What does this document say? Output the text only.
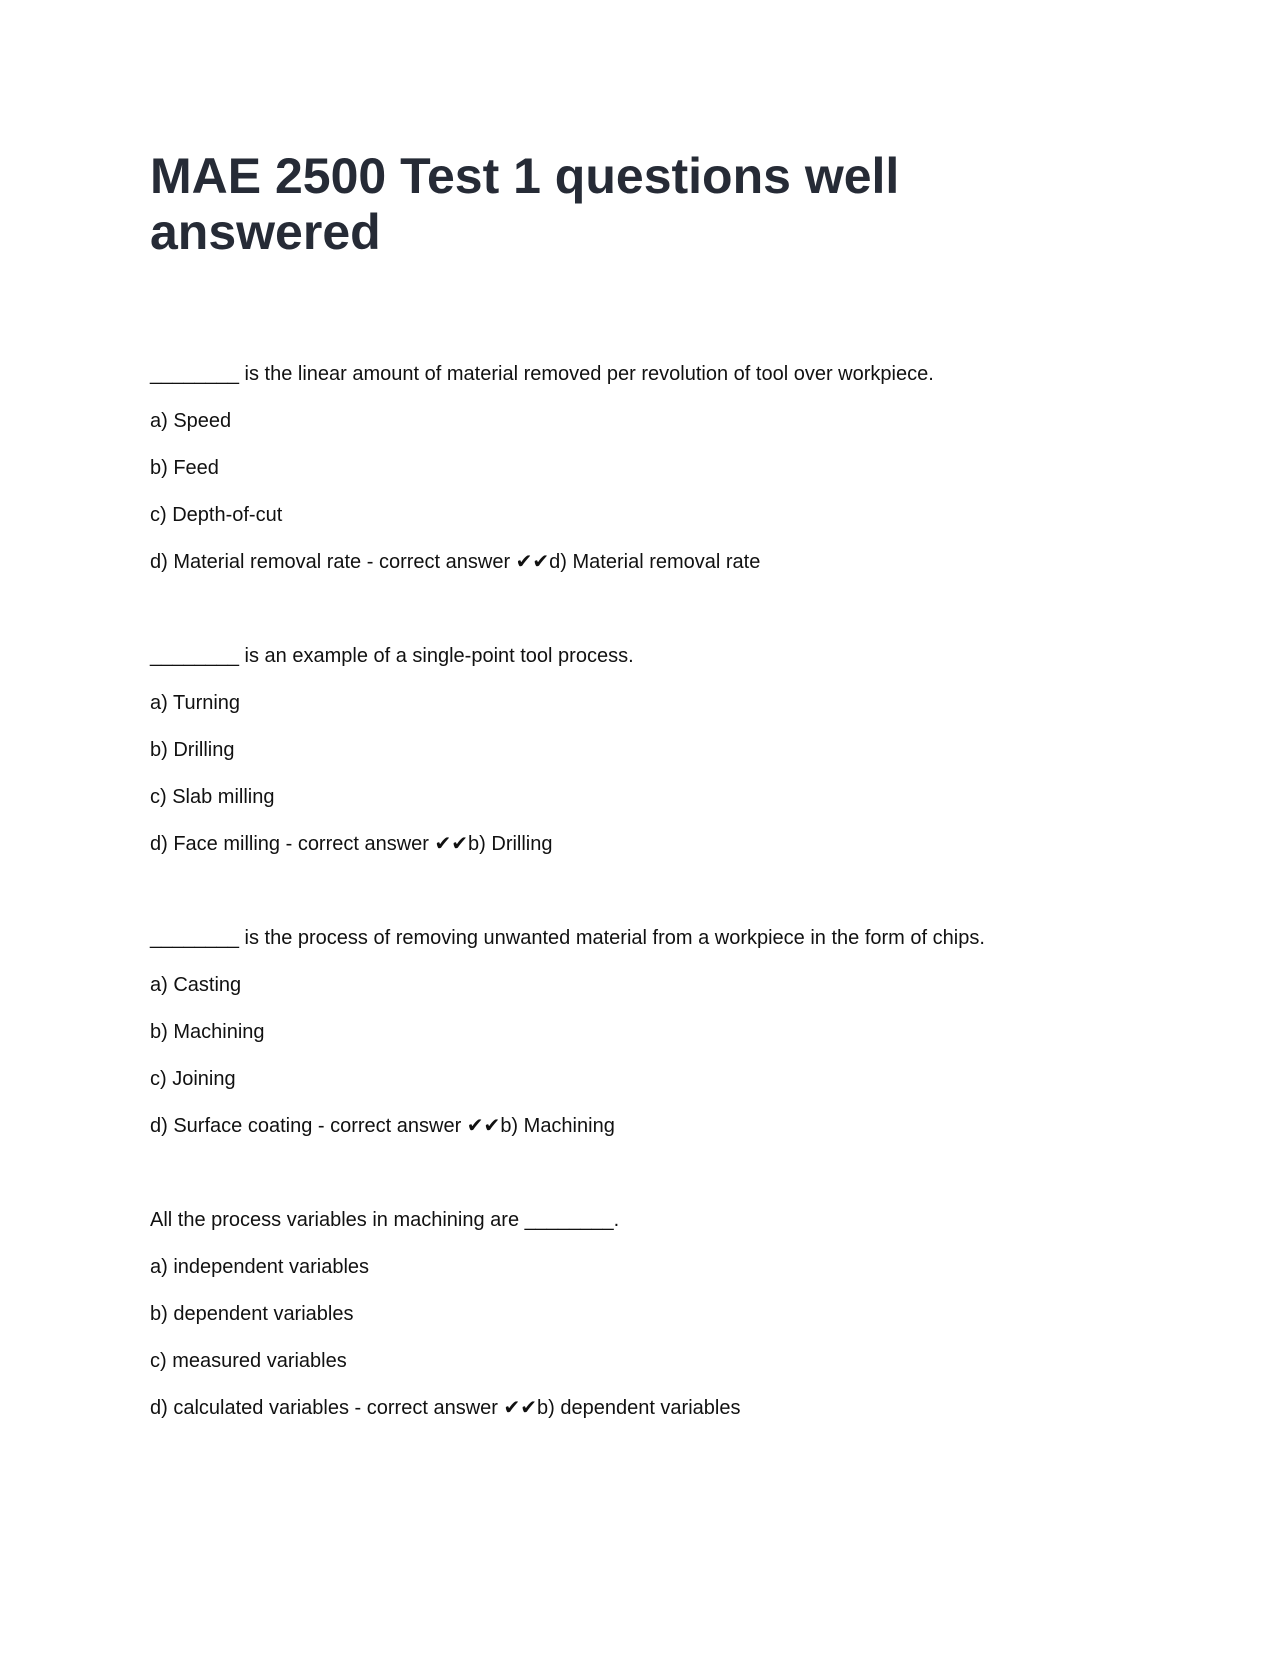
MAE 2500 Test 1 questions well answered

________ is the linear amount of material removed per revolution of tool over workpiece.

a) Speed

b) Feed

c) Depth-of-cut

d) Material removal rate - correct answer ✔✔d) Material removal rate

________ is an example of a single-point tool process.

a) Turning

b) Drilling

c) Slab milling

d) Face milling - correct answer ✔✔b) Drilling

________ is the process of removing unwanted material from a workpiece in the form of chips.

a) Casting

b) Machining

c) Joining

d) Surface coating - correct answer ✔✔b) Machining

All the process variables in machining are ________.

a) independent variables

b) dependent variables

c) measured variables

d) calculated variables - correct answer ✔✔b) dependent variables
